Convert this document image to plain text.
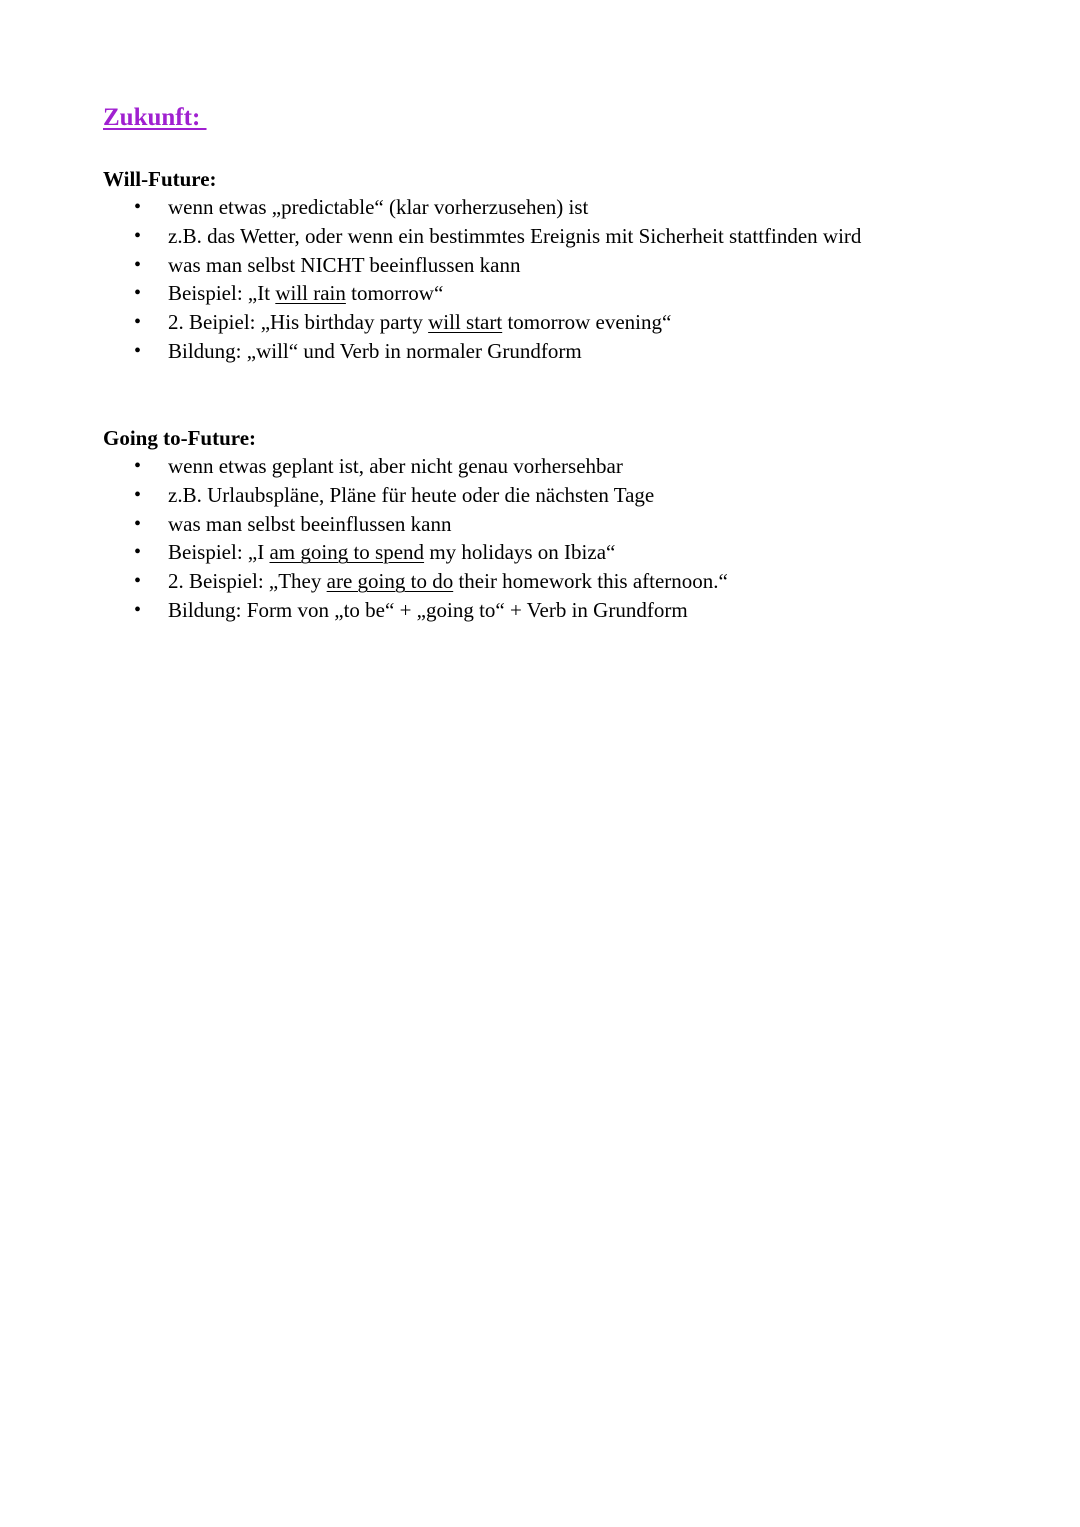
Zukunft:
Will-Future:
• wenn etwas „predictable“ (klar vorherzusehen) ist
• z.B. das Wetter, oder wenn ein bestimmtes Ereignis mit Sicherheit stattfinden wird
• was man selbst NICHT beeinflussen kann
• Beispiel: „It will rain tomorrow“
• 2. Beipiel: „His birthday party will start tomorrow evening“
• Bildung: „will“ und Verb in normaler Grundform
Going to-Future:
• wenn etwas geplant ist, aber nicht genau vorhersehbar
• z.B. Urlaubspläne, Pläne für heute oder die nächsten Tage
• was man selbst beeinflussen kann
• Beispiel: „I am going to spend my holidays on Ibiza“
• 2. Beispiel: „They are going to do their homework this afternoon.“
• Bildung: Form von „to be“ + „going to“ + Verb in Grundform
